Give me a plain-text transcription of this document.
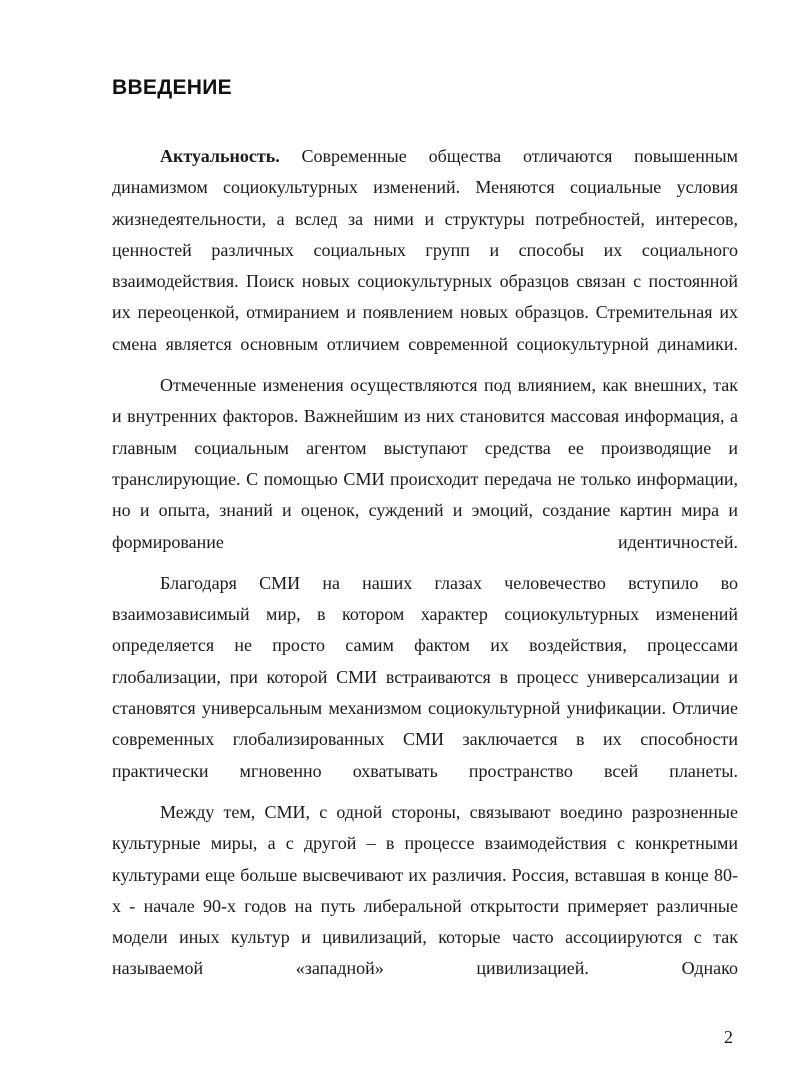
ВВЕДЕНИЕ

Актуальность. Современные общества отличаются повышенным динамизмом социокультурных изменений. Меняются социальные условия жизнедеятельности, а вслед за ними и структуры потребностей, интересов, ценностей различных социальных групп и способы их социального взаимодействия. Поиск новых социокультурных образцов связан с постоянной их переоценкой, отмиранием и появлением новых образцов. Стремительная их смена является основным отличием современной социокультурной динамики.

Отмеченные изменения осуществляются под влиянием, как внешних, так и внутренних факторов. Важнейшим из них становится массовая информация, а главным социальным агентом выступают средства ее производящие и транслирующие. С помощью СМИ происходит передача не только информации, но и опыта, знаний и оценок, суждений и эмоций, создание картин мира и формирование идентичностей.

Благодаря СМИ на наших глазах человечество вступило во взаимозависимый мир, в котором характер социокультурных изменений определяется не просто самим фактом их воздействия, процессами глобализации, при которой СМИ встраиваются в процесс универсализации и становятся универсальным механизмом социокультурной унификации. Отличие современных глобализированных СМИ заключается в их способности практически мгновенно охватывать пространство всей планеты.

Между тем, СМИ, с одной стороны, связывают воедино разрозненные культурные миры, а с другой – в процессе взаимодействия с конкретными культурами еще больше высвечивают их различия. Россия, вставшая в конце 80-х - начале 90-х годов на путь либеральной открытости примеряет различные модели иных культур и цивилизаций, которые часто ассоциируются с так называемой «западной» цивилизацией. Однако

2
